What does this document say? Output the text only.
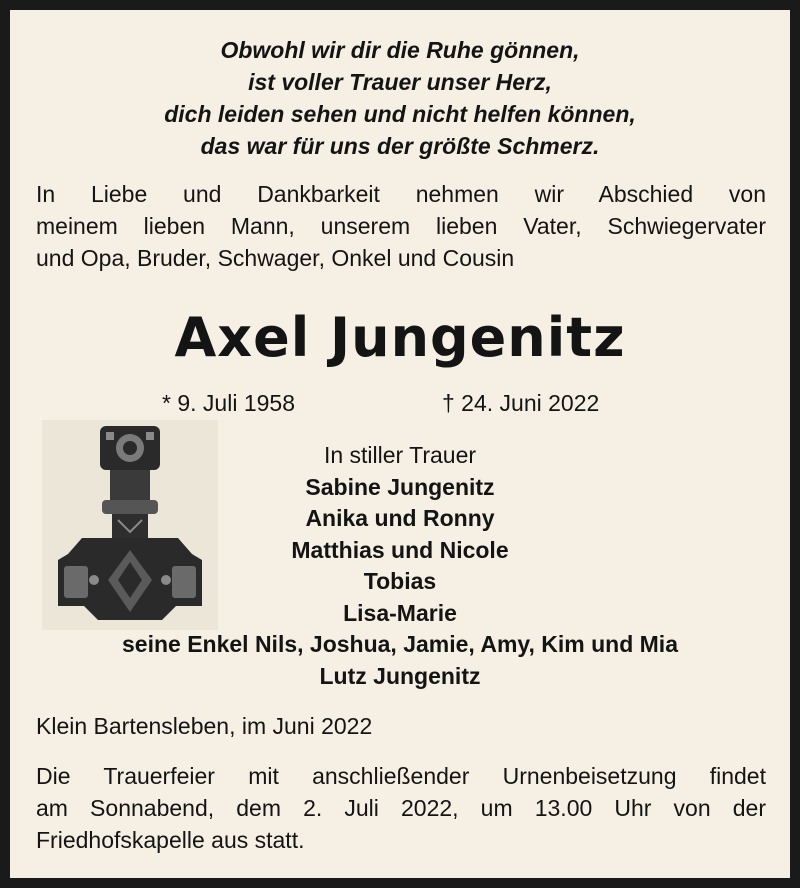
Obwohl wir dir die Ruhe gönnen,
ist voller Trauer unser Herz,
dich leiden sehen und nicht helfen können,
das war für uns der größte Schmerz.
In Liebe und Dankbarkeit nehmen wir Abschied von
meinem lieben Mann, unserem lieben Vater, Schwiegervater
und Opa, Bruder, Schwager, Onkel und Cousin
Axel Jungenitz
* 9. Juli 1958	† 24. Juni 2022
In stiller Trauer
Sabine Jungenitz
Anika und Ronny
Matthias und Nicole
Tobias
Lisa-Marie
seine Enkel Nils, Joshua, Jamie, Amy, Kim und Mia
Lutz Jungenitz
Klein Bartensleben, im Juni 2022
Die Trauerfeier mit anschließender Urnenbeisetzung findet
am Sonnabend, dem 2. Juli 2022, um 13.00 Uhr von der
Friedhofskapelle aus statt.
